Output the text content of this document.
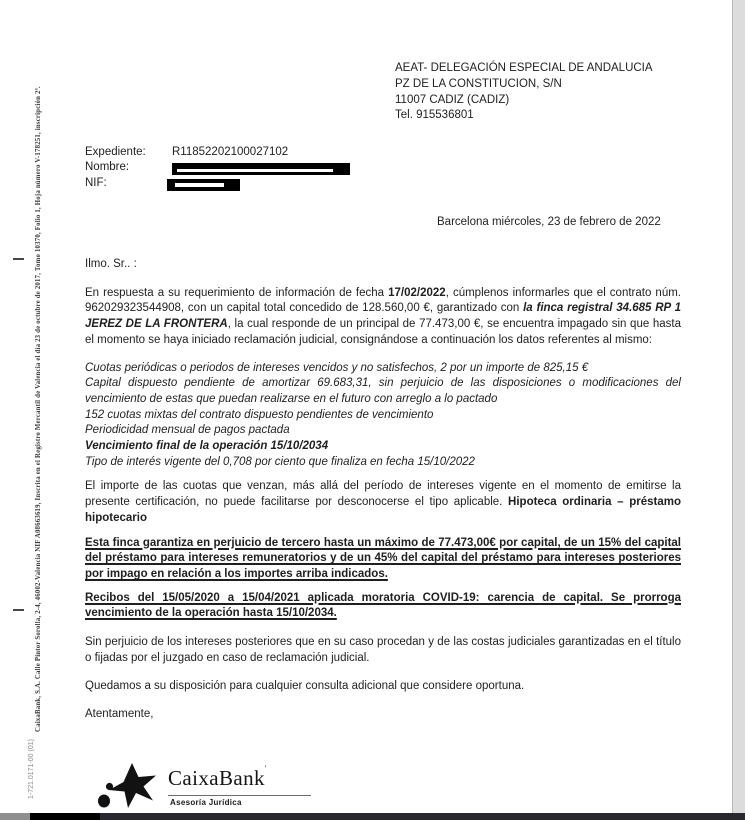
CaixaBank, S.A. Calle Pintor Sorolla, 2-4, 46002-Valencia NIF A08663619, Inscrita en el Registro Mercantil de Valencia el día 23 de octubre de 2017, Tomo 10370, Folio 1, Hoja número V-178251, inscripción 2ª.
1-721.0171-00 (01)
AEAT- DELEGACIÓN ESPECIAL DE ANDALUCIA
PZ DE LA CONSTITUCION, S/N
11007 CADIZ (CADIZ)
Tel. 915536801
Expediente:	R11852202100027102
Nombre:
NIF:
Barcelona miércoles, 23 de febrero de 2022
Ilmo. Sr.. :
En respuesta a su requerimiento de información de fecha 17/02/2022, cúmplenos informarles que el contrato núm. 962029323544908, con un capital total concedido de 128.560,00 €, garantizado con la finca registral 34.685 RP 1 JEREZ DE LA FRONTERA, la cual responde de un principal de 77.473,00 €, se encuentra impagado sin que hasta el momento se haya iniciado reclamación judicial, consignándose a continuación los datos referentes al mismo:
Cuotas periódicas o periodos de intereses vencidos y no satisfechos, 2 por un importe de 825,15 €
Capital dispuesto pendiente de amortizar 69.683,31, sin perjuicio de las disposiciones o modificaciones del vencimiento de estas que puedan realizarse en el futuro con arreglo a lo pactado
152 cuotas mixtas del contrato dispuesto pendientes de vencimiento
Periodicidad mensual de pagos pactada
Vencimiento final de la operación 15/10/2034
Tipo de interés vigente del 0,708 por ciento que finaliza en fecha 15/10/2022
El importe de las cuotas que venzan, más allá del período de intereses vigente en el momento de emitirse la presente certificación, no puede facilitarse por desconocerse el tipo aplicable. Hipoteca ordinaria – préstamo hipotecario
Esta finca garantiza en perjuicio de tercero hasta un máximo de 77.473,00€ por capital, de un 15% del capital del préstamo para intereses remuneratorios y de un 45% del capital del préstamo para intereses posteriores por impago en relación a los importes arriba indicados.
Recibos del 15/05/2020 a 15/04/2021 aplicada moratoria COVID-19: carencia de capital. Se prorroga vencimiento de la operación hasta 15/10/2034.
Sin perjuicio de los intereses posteriores que en su caso procedan y de las costas judiciales garantizadas en el título o fijadas por el juzgado en caso de reclamación judicial.
Quedamos a su disposición para cualquier consulta adicional que considere oportuna.
Atentamente,
CaixaBank'
Asesoría Jurídica
